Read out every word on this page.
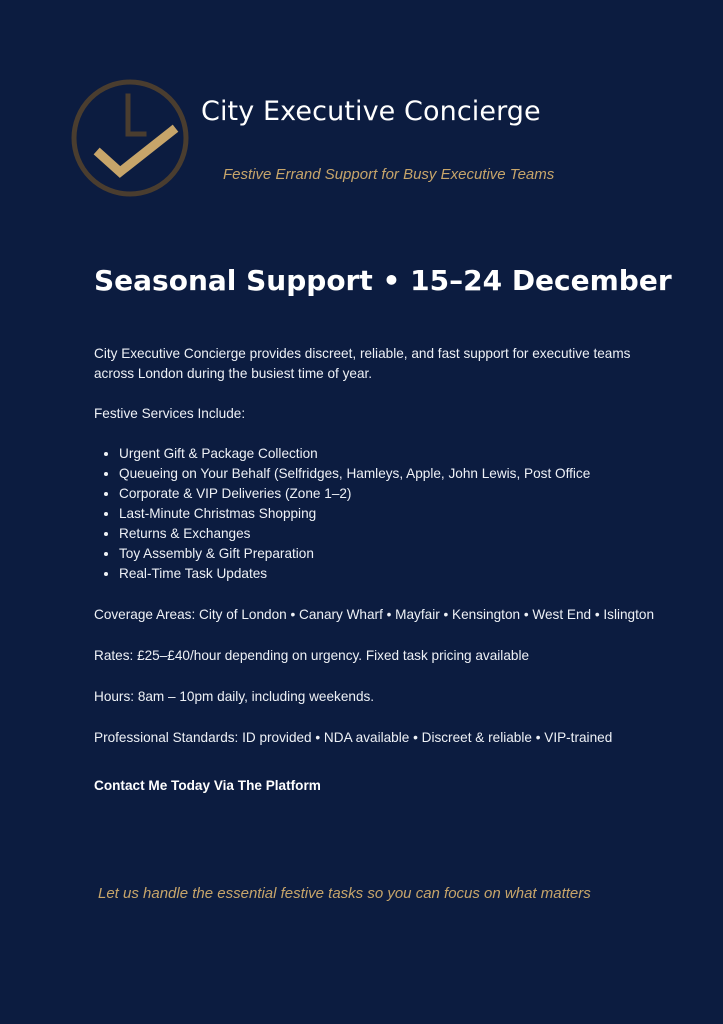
City Executive Concierge
Festive Errand Support for Busy Executive Teams
Seasonal Support • 15–24 December

City Executive Concierge provides discreet, reliable, and fast support for executive teams across London during the busiest time of year.

Festive Services Include:

Urgent Gift & Package Collection
Queueing on Your Behalf (Selfridges, Hamleys, Apple, John Lewis, Post Office
Corporate & VIP Deliveries (Zone 1–2)
Last-Minute Christmas Shopping
Returns & Exchanges
Toy Assembly & Gift Preparation
Real-Time Task Updates

Coverage Areas: City of London • Canary Wharf • Mayfair • Kensington • West End • Islington

Rates: £25–£40/hour depending on urgency. Fixed task pricing available

Hours: 8am – 10pm daily, including weekends.

Professional Standards: ID provided • NDA available • Discreet & reliable • VIP-trained

Contact Me Today Via The Platform

Let us handle the essential festive tasks so you can focus on what matters
